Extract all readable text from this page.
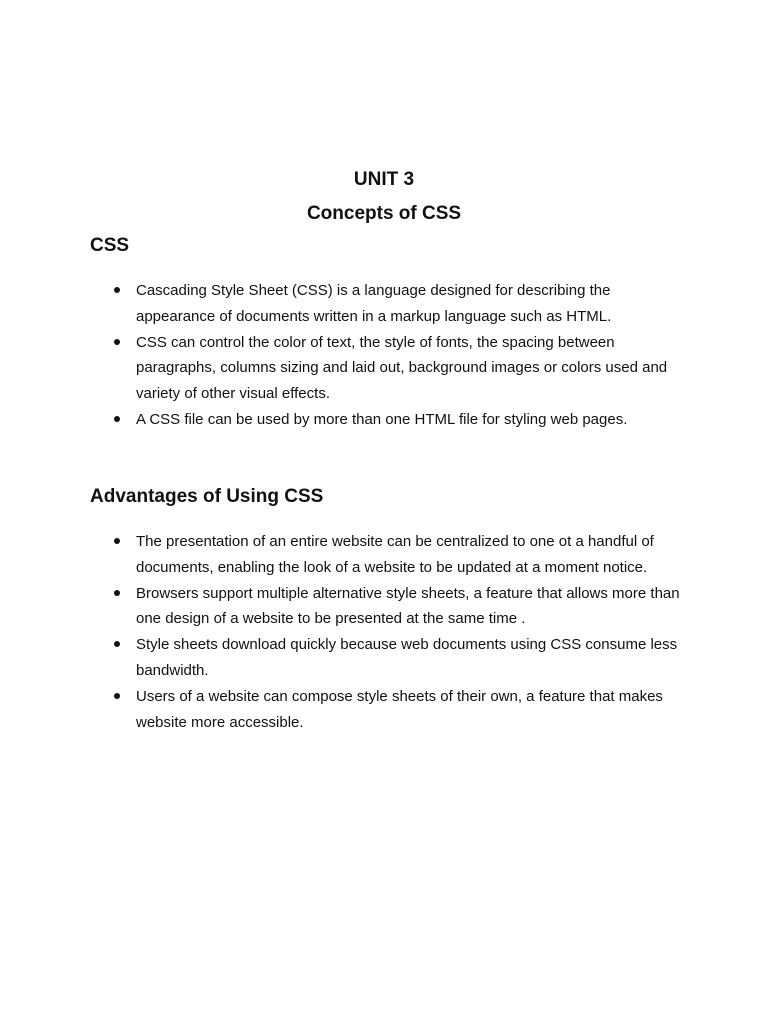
UNIT 3
Concepts of CSS
CSS
Cascading Style Sheet (CSS) is a language designed for describing the appearance of documents written in a markup language such as HTML.
CSS can control the color of text, the style of fonts, the spacing between paragraphs, columns sizing and laid out, background images or colors used and variety of other visual effects.
A CSS file can be used by more than one HTML file for styling web pages.
Advantages of Using CSS
The presentation of an entire website can be centralized to one ot a handful of documents, enabling the look of a website to be updated at a moment notice.
Browsers support multiple alternative style sheets, a feature that allows more than one design of a website to be presented at the same time .
Style sheets download quickly because web documents using CSS consume less bandwidth.
Users of a website can compose style sheets of their own, a feature that makes website more accessible.
